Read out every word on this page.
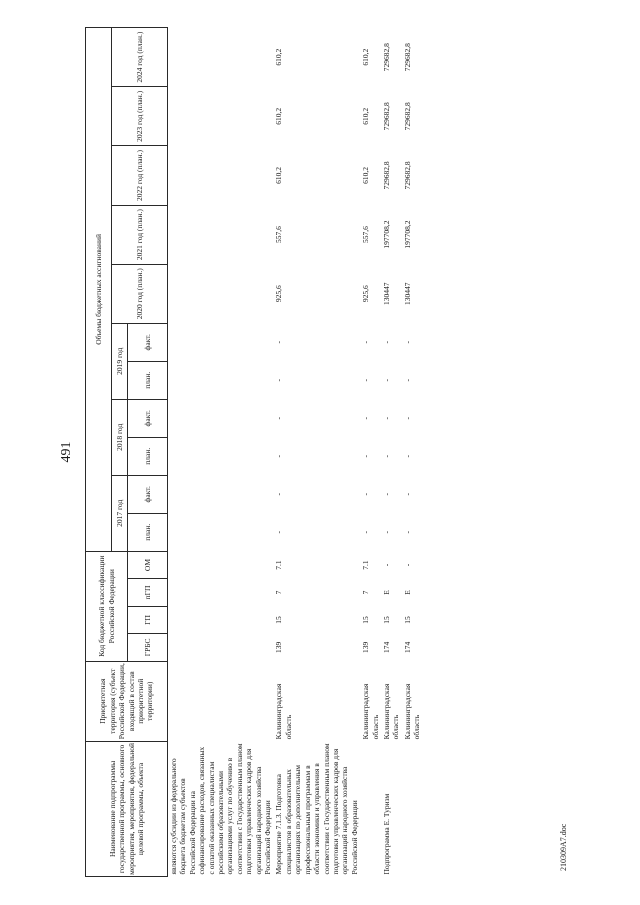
491
Наименование подпрограммы государственной программы, основного мероприятия, мероприятия, федеральной целевой программы, объекта	Приоритетная территория (субъект Российской Федерации, входящий в состав приоритетной территории)	Код бюджетной классификации Российской Федерации				Объемы бюджетных ассигнований										
						2017 год		2018 год		2019 год		2020 год (план.)	2021 год (план.)	2022 год (план.)	2023 год (план.)	2024 год (план.)
		ГРБС	ГП	пГП	ОМ	план.	факт.	план.	факт.	план.	факт.					
являются субсидии из федерального бюджета бюджетам субъектов Российской Федерации на софинансирование расходов, связанных с оплатой оказанных специалистам российскими образовательными организациями услуг по обучению в соответствии с Государственным планом подготовки управленческих кадров для организаций народного хозяйства Российской Федерации																
Мероприятие 7.1.3. Подготовка специалистов в образовательных организациях по дополнительным профессиональным программам в области экономики и управления в соответствии с Государственным планом подготовки управленческих кадров для организаций народного хозяйства Российской Федерации	Калининградская область	139	15	7	7.1	-	-	-	-	-	-	925,6	557,6	610,2	610,2	610,2
	Калининградская область	139	15	7	7.1	-	-	-	-	-	-	925,6	557,6	610,2	610,2	610,2
Подпрограмма Е. Туризм	Калининградская область	174	15	Е	-	-	-	-	-	-	-	130447	197708,2	729682,8	729682,8	729682,8
	Калининградская область	174	15	Е	-	-	-	-	-	-	-	130447	197708,2	729682,8	729682,8	729682,8
210309А7.doc
